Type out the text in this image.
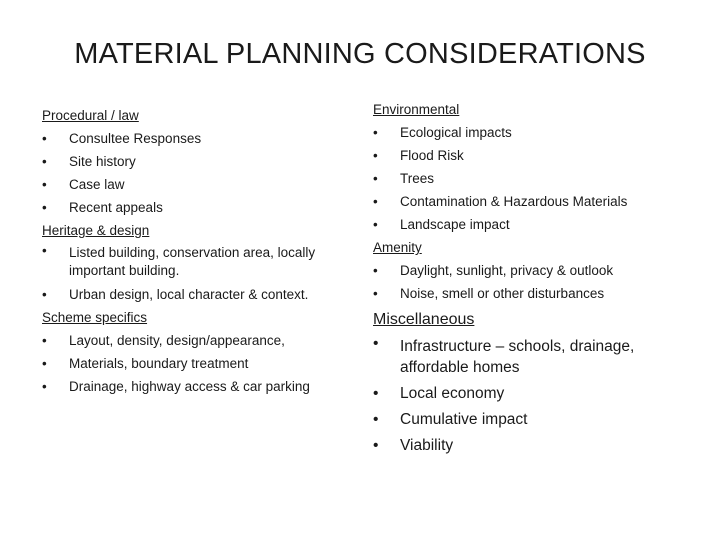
MATERIAL PLANNING CONSIDERATIONS
Procedural / law
• Consultee Responses
• Site history
• Case law
• Recent appeals
Heritage & design
• Listed building, conservation area, locally important building.
• Urban design, local character & context.
Scheme specifics
• Layout, density, design/appearance,
• Materials, boundary treatment
• Drainage, highway access & car parking
Environmental
• Ecological impacts
• Flood Risk
• Trees
• Contamination & Hazardous Materials
• Landscape impact
Amenity
• Daylight, sunlight, privacy & outlook
• Noise, smell or other disturbances
Miscellaneous
• Infrastructure – schools, drainage, affordable homes
• Local economy
• Cumulative impact
• Viability
